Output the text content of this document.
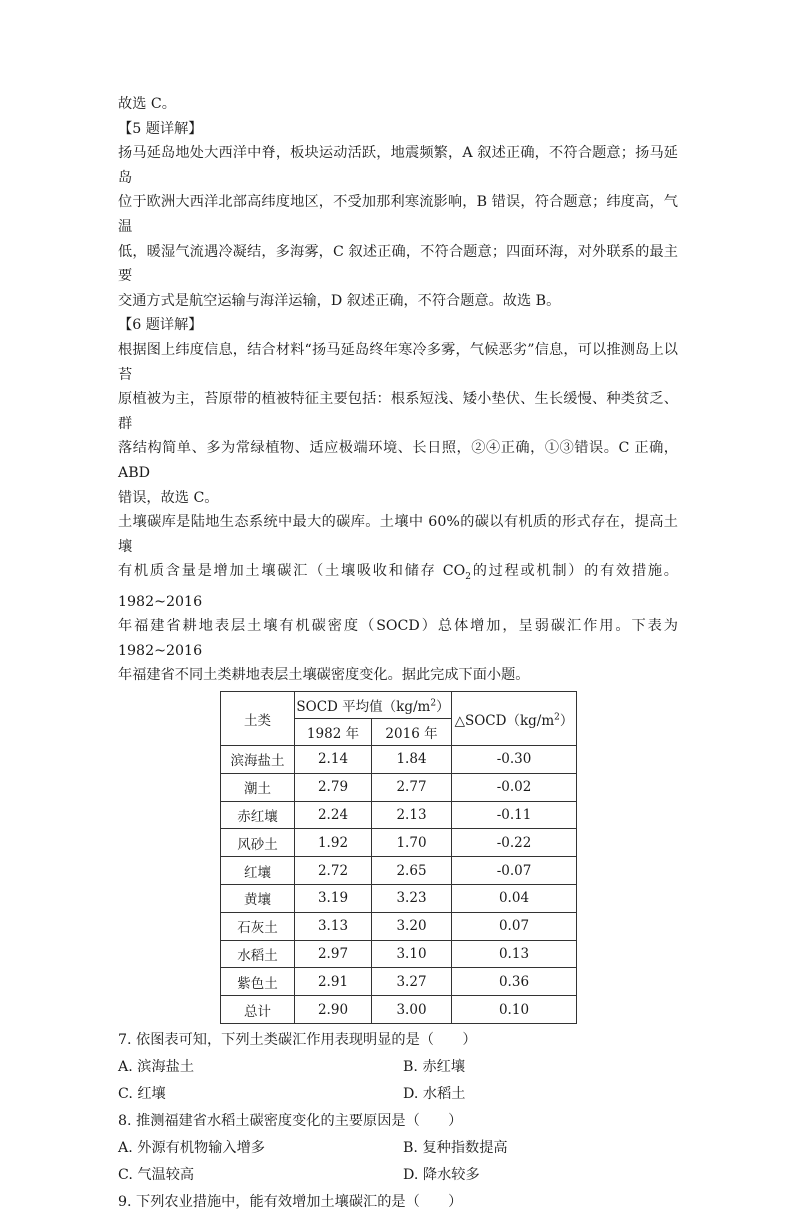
故选 C。

【5 题详解】

扬马延岛地处大西洋中脊，板块运动活跃，地震频繁，A 叙述正确，不符合题意；扬马延岛

位于欧洲大西洋北部高纬度地区，不受加那利寒流影响，B 错误，符合题意；纬度高，气温

低，暖湿气流遇冷凝结，多海雾，C 叙述正确，不符合题意；四面环海，对外联系的最主要

交通方式是航空运输与海洋运输，D 叙述正确，不符合题意。故选 B。

【6 题详解】

根据图上纬度信息，结合材料“扬马延岛终年寒冷多雾，气候恶劣”信息，可以推测岛上以苔

原植被为主，苔原带的植被特征主要包括：根系短浅、矮小垫伏、生长缓慢、种类贫乏、群

落结构简单、多为常绿植物、适应极端环境、长日照，②④正确，①③错误。C 正确，ABD

错误，故选 C。

土壤碳库是陆地生态系统中最大的碳库。土壤中 60%的碳以有机质的形式存在，提高土壤

有机质含量是增加土壤碳汇（土壤吸收和储存 $CO_2$的过程或机制）的有效措施。1982~2016

年福建省耕地表层土壤有机碳密度（SOCD）总体增加，呈弱碳汇作用。下表为 1982~2016

年福建省不同土类耕地表层土壤碳密度变化。据此完成下面小题。

土类	SOCD 平均值$(kg/m^2)$		$\triangle SOCD(kg/m^2)$
	1982 年	2016 年	
滨海盐土	2.14	1.84	-0.30
潮土	2.79	2.77	-0.02
赤红壤	2.24	2.13	-0.11
风砂土	1.92	1.70	-0.22
红壤	2.72	2.65	-0.07
黄壤	3.19	3.23	0.04
石灰土	3.13	3.20	0.07
水稻土	2.97	3.10	0.13
紫色土	2.91	3.27	0.36
总计	2.90	3.00	0.10

7. 依图表可知，下列土类碳汇作用表现明显的是（　　）

A. 滨海盐土	B. 赤红壤
C. 红壤	D. 水稻土

8. 推测福建省水稻土碳密度变化的主要原因是（　　）

A. 外源有机物输入增多	B. 复种指数提高
C. 气温较高	D. 降水较多

9. 下列农业措施中，能有效增加土壤碳汇的是（　　）
